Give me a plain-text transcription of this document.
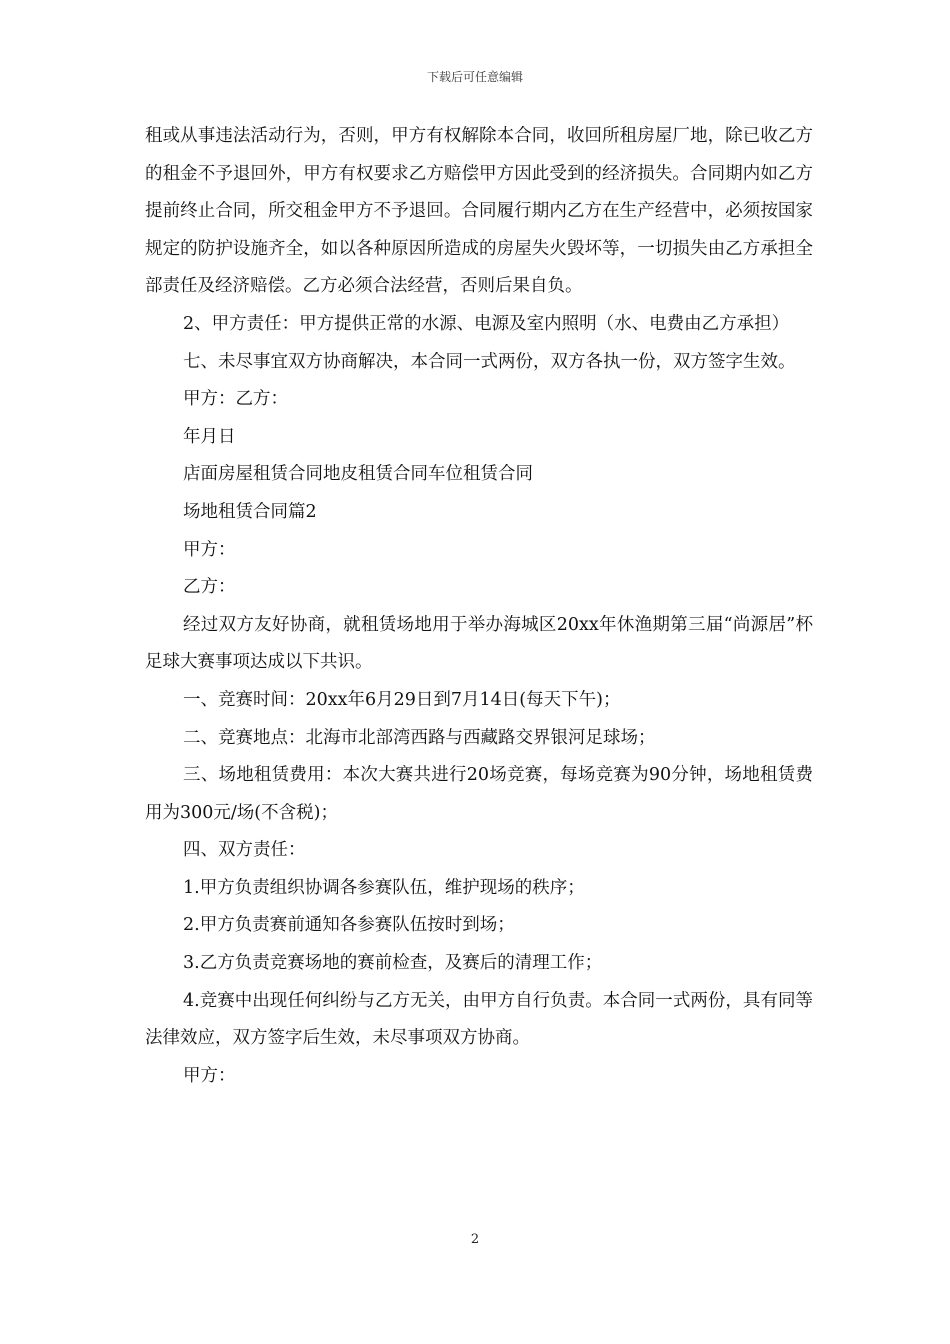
下载后可任意编辑

租或从事违法活动行为，否则，甲方有权解除本合同，收回所租房屋厂地，除已收乙方的租金不予退回外，甲方有权要求乙方赔偿甲方因此受到的经济损失。合同期内如乙方提前终止合同，所交租金甲方不予退回。合同履行期内乙方在生产经营中，必须按国家规定的防护设施齐全，如以各种原因所造成的房屋失火毁坏等，一切损失由乙方承担全部责任及经济赔偿。乙方必须合法经营，否则后果自负。

2、甲方责任：甲方提供正常的水源、电源及室内照明（水、电费由乙方承担）

七、未尽事宜双方协商解决，本合同一式两份，双方各执一份，双方签字生效。

甲方：乙方：

年月日

店面房屋租赁合同地皮租赁合同车位租赁合同

场地租赁合同篇2

甲方：

乙方：

经过双方友好协商，就租赁场地用于举办海城区20xx年休渔期第三届“尚源居”杯足球大赛事项达成以下共识。

一、竞赛时间：20xx年6月29日到7月14日(每天下午)；

二、竞赛地点：北海市北部湾西路与西藏路交界银河足球场；

三、场地租赁费用：本次大赛共进行20场竞赛，每场竞赛为90分钟，场地租赁费用为300元/场(不含税)；

四、双方责任：

1.甲方负责组织协调各参赛队伍，维护现场的秩序；

2.甲方负责赛前通知各参赛队伍按时到场；

3.乙方负责竞赛场地的赛前检查，及赛后的清理工作；

4.竞赛中出现任何纠纷与乙方无关，由甲方自行负责。本合同一式两份，具有同等法律效应，双方签字后生效，未尽事项双方协商。

甲方：

2
